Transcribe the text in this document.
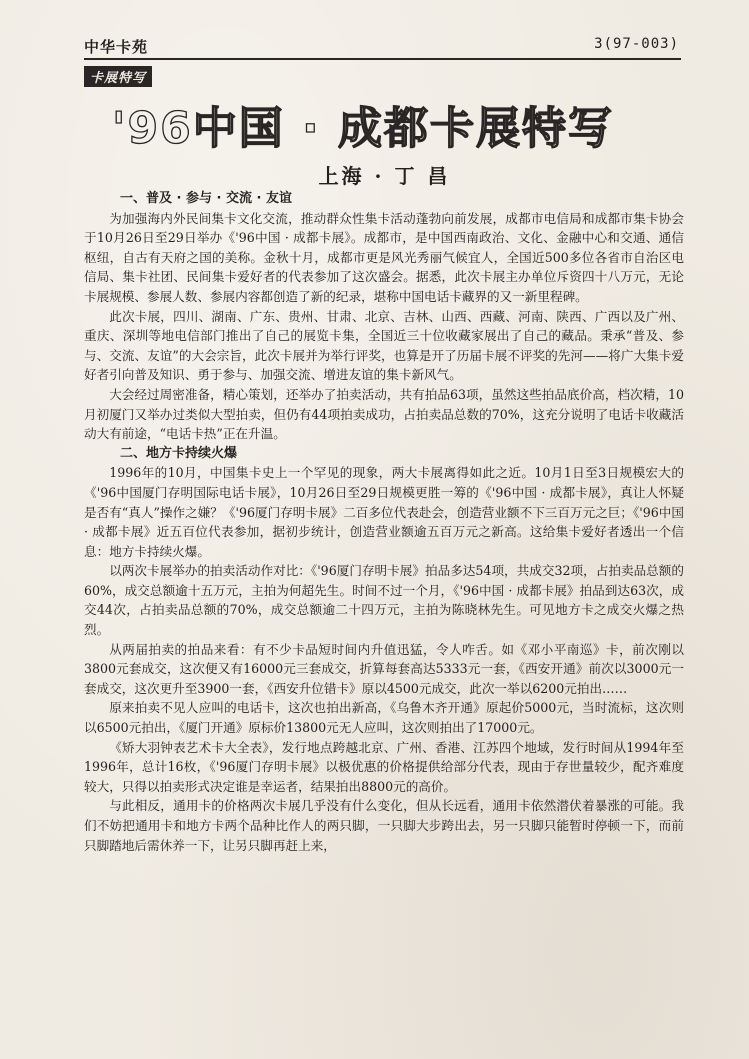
中华卡苑	3(97-003)
卡展特写
'96中国 · 成都卡展特写
上海 · 丁 昌

一、普及 · 参与 · 交流 · 友谊

为加强海内外民间集卡文化交流，推动群众性集卡活动蓬勃向前发展，成都市电信局和成都市集卡协会于10月26日至29日举办《'96中国 · 成都卡展》。成都市，是中国西南政治、文化、金融中心和交通、通信枢纽，自古有天府之国的美称。金秋十月，成都市更是风光秀丽气候宜人，全国近500多位各省市自治区电信局、集卡社团、民间集卡爱好者的代表参加了这次盛会。据悉，此次卡展主办单位斥资四十八万元，无论卡展规模、参展人数、参展内容都创造了新的纪录，堪称中国电话卡藏界的又一新里程碑。

此次卡展，四川、湖南、广东、贵州、甘肃、北京、吉林、山西、西藏、河南、陕西、广西以及广州、重庆、深圳等地电信部门推出了自己的展览卡集，全国近三十位收藏家展出了自己的藏品。秉承“普及、参与、交流、友谊”的大会宗旨，此次卡展并为举行评奖，也算是开了历届卡展不评奖的先河——将广大集卡爱好者引向普及知识、勇于参与、加强交流、增进友谊的集卡新风气。

大会经过周密准备，精心策划，还举办了拍卖活动，共有拍品63项，虽然这些拍品底价高，档次精，10月初厦门又举办过类似大型拍卖，但仍有44项拍卖成功，占拍卖品总数的70%，这充分说明了电话卡收藏活动大有前途，“电话卡热”正在升温。

二、地方卡持续火爆

1996年的10月，中国集卡史上一个罕见的现象，两大卡展离得如此之近。10月1日至3日规模宏大的《'96中国厦门存明国际电话卡展》，10月26日至29日规模更胜一筹的《'96中国 · 成都卡展》，真让人怀疑是否有“真人”操作之嫌？《'96厦门存明卡展》二百多位代表赴会，创造营业额不下三百万元之巨；《'96中国 · 成都卡展》近五百位代表参加，据初步统计，创造营业额逾五百万元之新高。这给集卡爱好者透出一个信息：地方卡持续火爆。

以两次卡展举办的拍卖活动作对比：《'96厦门存明卡展》拍品多达54项，共成交32项，占拍卖品总额的60%，成交总额逾十五万元，主拍为何超先生。时间不过一个月，《'96中国 · 成都卡展》拍品到达63次，成交44次，占拍卖品总额的70%，成交总额逾二十四万元，主拍为陈晓林先生。可见地方卡之成交火爆之热烈。

从两届拍卖的拍品来看：有不少卡品短时间内升值迅猛，令人咋舌。如《邓小平南巡》卡，前次刚以3800元套成交，这次便又有16000元三套成交，折算每套高达5333元一套，《西安开通》前次以3000元一套成交，这次更升至3900一套，《西安升位错卡》原以4500元成交，此次一举以6200元拍出……

原来拍卖不见人应叫的电话卡，这次也拍出新高，《乌鲁木齐开通》原起价5000元，当时流标，这次则以6500元拍出，《厦门开通》原标价13800元无人应叫，这次则拍出了17000元。

《矫大羽钟表艺术卡大全表》，发行地点跨越北京、广州、香港、江苏四个地域，发行时间从1994年至1996年，总计16枚，《'96厦门存明卡展》以极优惠的价格提供给部分代表，现由于存世量较少，配齐难度较大，只得以拍卖形式决定谁是幸运者，结果拍出8800元的高价。

与此相反，通用卡的价格两次卡展几乎没有什么变化，但从长远看，通用卡依然潜伏着暴涨的可能。我们不妨把通用卡和地方卡两个品种比作人的两只脚，一只脚大步跨出去，另一只脚只能暂时停顿一下，而前只脚踏地后需休养一下，让另只脚再赶上来，
